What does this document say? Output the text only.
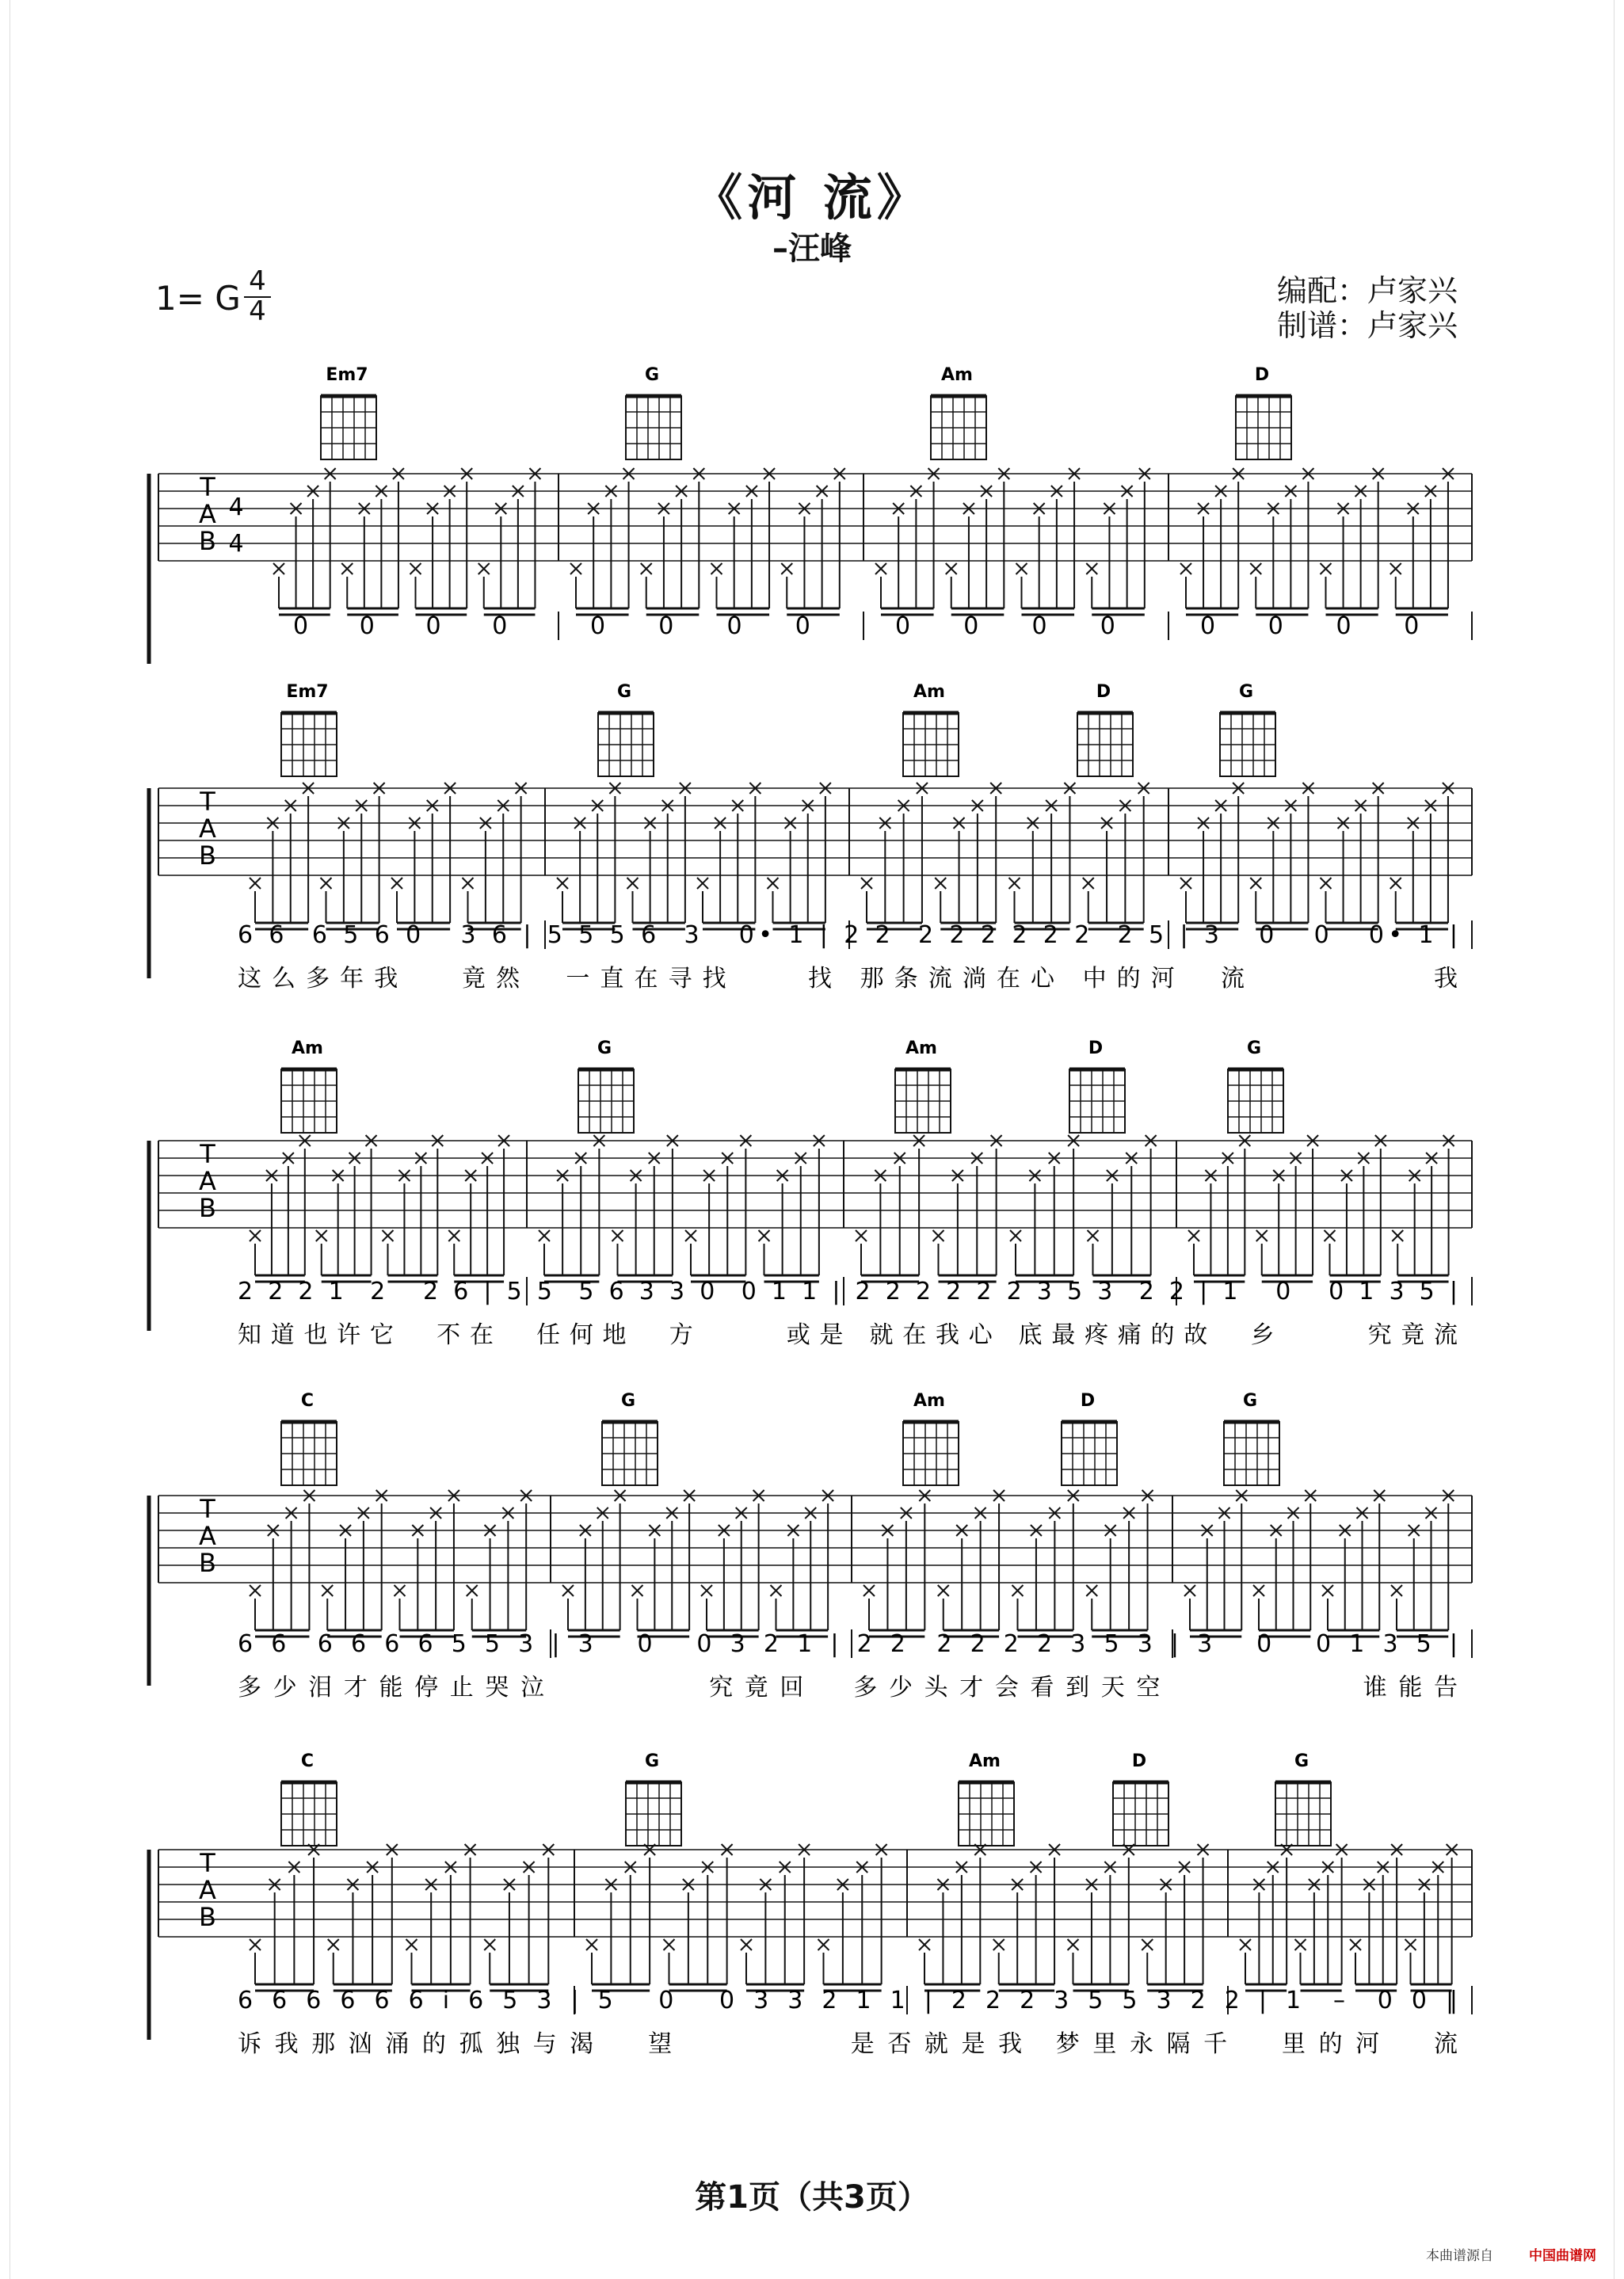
《河 流》
–汪峰
1= G 4
4
编配：卢家兴
制谱：卢家兴
Em7	G	Am	D
T
A
B
4
4
0 0 0 0	0 0 0 0	0 0 0 0	0 0 0 0
Em7	G	Am	D	G
T
A
B
6 6  6 5 6 0   3 6 | 5 5 5 6  3   0• 1 | 2 2  2 2 2 2 2 2  2 5 | 3   0   0   0• 1 |
这么多年我   竟然  一直在寻找    找 那条流淌在心 中的河  流          我
Am	G	Am	D	G
T
A
B
2 2 2 1  2   2 6 | 5 5  5 6 3 3 0  0 1 1 | 2 2 2 2 2 2 3 5 3  2 2 | 1   0   0 1 3 5 |
知道也许它  不在  任何地  方     或是 就在我心 底最疼痛的故  乡     究竟流
C	G	Am	D	G
T
A
B
6 6  6 6 6 6 5 5 3 | 3   0   0 3 2 1 | 2 2  2 2 2 2 3 5 3 | 3   0   0 1 3 5 |
多少泪才能停止哭泣        究竟回  多少头才会看到天空          谁能告
C	G	Am	D	G
T
A
B
6 6 6 6 6 6 i 6 5 3 | 5   0   0 3 3 2 1 1 | 2 2 2 3 5 5 3 2 2 | 1  –  0 0 ‖
诉我那汹涌的孤独与渴  望        是否就是我 梦里永隔千  里的河  流
第1页（共3页）
本曲谱源自	中国曲谱网
